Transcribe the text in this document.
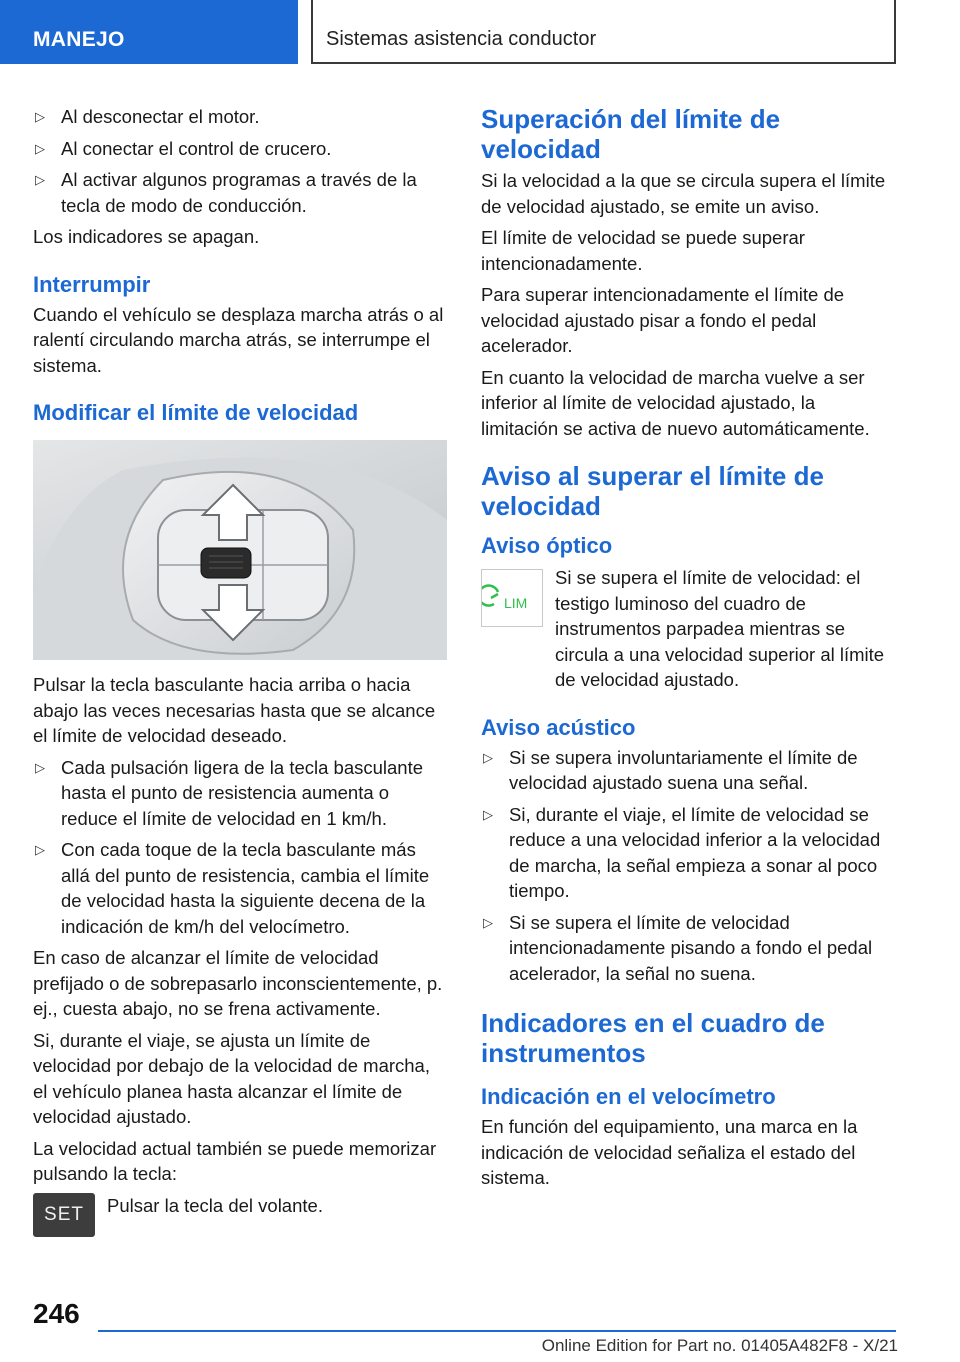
MANEJO	Sistemas asistencia conductor
▷ Al desconectar el motor.
▷ Al conectar el control de crucero.
▷ Al activar algunos programas a través de la tecla de modo de conducción.

Los indicadores se apagan.

Interrumpir

Cuando el vehículo se desplaza marcha atrás o al ralentí circulando marcha atrás, se interrumpe el sistema.

Modificar el límite de velocidad

Pulsar la tecla basculante hacia arriba o hacia abajo las veces necesarias hasta que se alcance el límite de velocidad deseado.

▷ Cada pulsación ligera de la tecla basculante hasta el punto de resistencia aumenta o reduce el límite de velocidad en 1 km/h.
▷ Con cada toque de la tecla basculante más allá del punto de resistencia, cambia el límite de velocidad hasta la siguiente decena de la indicación de km/h del velocímetro.

En caso de alcanzar el límite de velocidad prefijado o de sobrepasarlo inconscientemente, p. ej., cuesta abajo, no se frena activamente.

Si, durante el viaje, se ajusta un límite de velocidad por debajo de la velocidad de marcha, el vehículo planea hasta alcanzar el límite de velocidad ajustado.

La velocidad actual también se puede memorizar pulsando la tecla:

SET	Pulsar la tecla del volante.
Superación del límite de velocidad

Si la velocidad a la que se circula supera el límite de velocidad ajustado, se emite un aviso.

El límite de velocidad se puede superar intencionadamente.

Para superar intencionadamente el límite de velocidad ajustado pisar a fondo el pedal acelerador.

En cuanto la velocidad de marcha vuelve a ser inferior al límite de velocidad ajustado, la limitación se activa de nuevo automáticamente.

Aviso al superar el límite de velocidad
Aviso óptico
LIM
Si se supera el límite de velocidad: el testigo luminoso del cuadro de instrumentos parpadea mientras se circula a una velocidad superior al límite de velocidad ajustado.
Aviso acústico
▷ Si se supera involuntariamente el límite de velocidad ajustado suena una señal.
▷ Si, durante el viaje, el límite de velocidad se reduce a una velocidad inferior a la velocidad de marcha, la señal empieza a sonar al poco tiempo.
▷ Si se supera el límite de velocidad intencionadamente pisando a fondo el pedal acelerador, la señal no suena.
Indicadores en el cuadro de instrumentos
Indicación en el velocímetro

En función del equipamiento, una marca en la indicación de velocidad señaliza el estado del sistema.

246
Online Edition for Part no. 01405A482F8 - X/21
